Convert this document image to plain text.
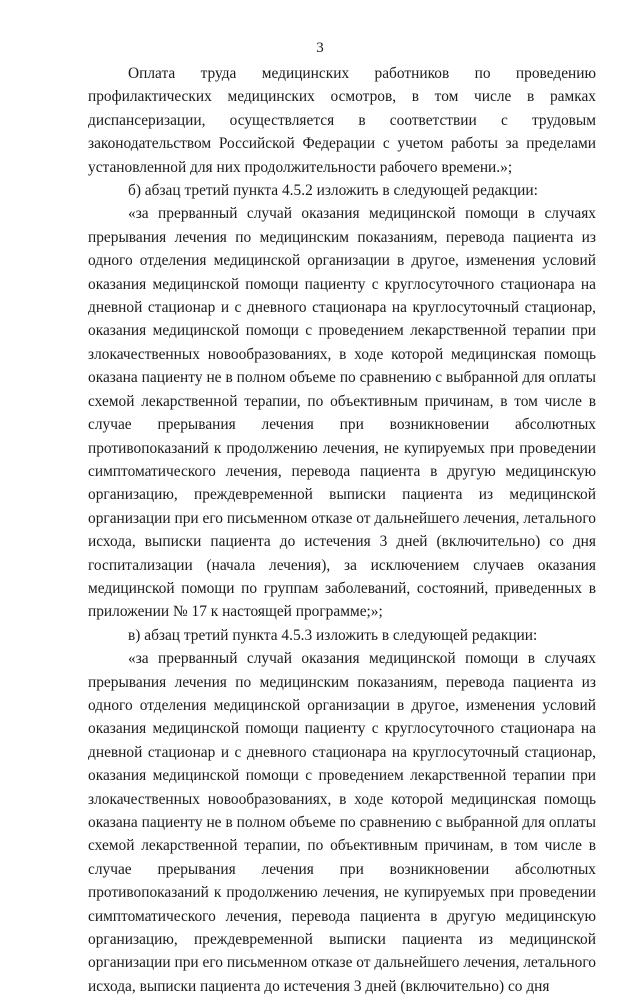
3

Оплата труда медицинских работников по проведению профилактических медицинских осмотров, в том числе в рамках диспансеризации, осуществляется в соответствии с трудовым законодательством Российской Федерации с учетом работы за пределами установленной для них продолжительности рабочего времени.»;

б) абзац третий пункта 4.5.2 изложить в следующей редакции:

«за прерванный случай оказания медицинской помощи в случаях прерывания лечения по медицинским показаниям, перевода пациента из одного отделения медицинской организации в другое, изменения условий оказания медицинской помощи пациенту с круглосуточного стационара на дневной стационар и с дневного стационара на круглосуточный стационар, оказания медицинской помощи с проведением лекарственной терапии при злокачественных новообразованиях, в ходе которой медицинская помощь оказана пациенту не в полном объеме по сравнению с выбранной для оплаты схемой лекарственной терапии, по объективным причинам, в том числе в случае прерывания лечения при возникновении абсолютных противопоказаний к продолжению лечения, не купируемых при проведении симптоматического лечения, перевода пациента в другую медицинскую организацию, преждевременной выписки пациента из медицинской организации при его письменном отказе от дальнейшего лечения, летального исхода, выписки пациента до истечения 3 дней (включительно) со дня госпитализации (начала лечения), за исключением случаев оказания медицинской помощи по группам заболеваний, состояний, приведенных в приложении № 17 к настоящей программе;»;

в) абзац третий пункта 4.5.3 изложить в следующей редакции:

«за прерванный случай оказания медицинской помощи в случаях прерывания лечения по медицинским показаниям, перевода пациента из одного отделения медицинской организации в другое, изменения условий оказания медицинской помощи пациенту с круглосуточного стационара на дневной стационар и с дневного стационара на круглосуточный стационар, оказания медицинской помощи с проведением лекарственной терапии при злокачественных новообразованиях, в ходе которой медицинская помощь оказана пациенту не в полном объеме по сравнению с выбранной для оплаты схемой лекарственной терапии, по объективным причинам, в том числе в случае прерывания лечения при возникновении абсолютных противопоказаний к продолжению лечения, не купируемых при проведении симптоматического лечения, перевода пациента в другую медицинскую организацию, преждевременной выписки пациента из медицинской организации при его письменном отказе от дальнейшего лечения, летального исхода, выписки пациента до истечения 3 дней (включительно) со дня
